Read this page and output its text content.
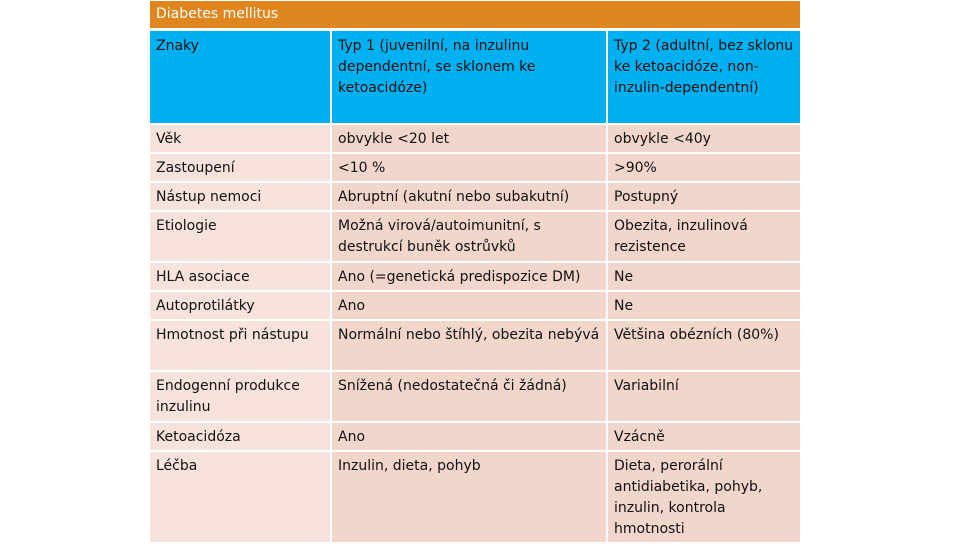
Diabetes mellitus
Znaky	Typ 1 (juvenilní, na inzulinu dependentní, se sklonem ke ketoacidóze)	Typ 2 (adultní, bez sklonu ke ketoacidóze, non-inzulin-dependentní)
Věk	obvykle <20 let	obvykle <40y
Zastoupení	<10 %	>90%
Nástup nemoci	Abruptní (akutní nebo subakutní)	Postupný
Etiologie	Možná virová/autoimunitní, s destrukcí buněk ostrůvků	Obezita, inzulinová rezistence
HLA asociace	Ano (=genetická predispozice DM)	Ne
Autoprotilátky	Ano	Ne
Hmotnost při nástupu	Normální nebo štíhlý, obezita nebývá	Většina obézních (80%)
Endogenní produkce inzulinu	Snížená (nedostatečná či žádná)	Variabilní
Ketoacidóza	Ano	Vzácně
Léčba	Inzulin, dieta, pohyb	Dieta, perorální antidiabetika, pohyb, inzulin, kontrola hmotnosti
